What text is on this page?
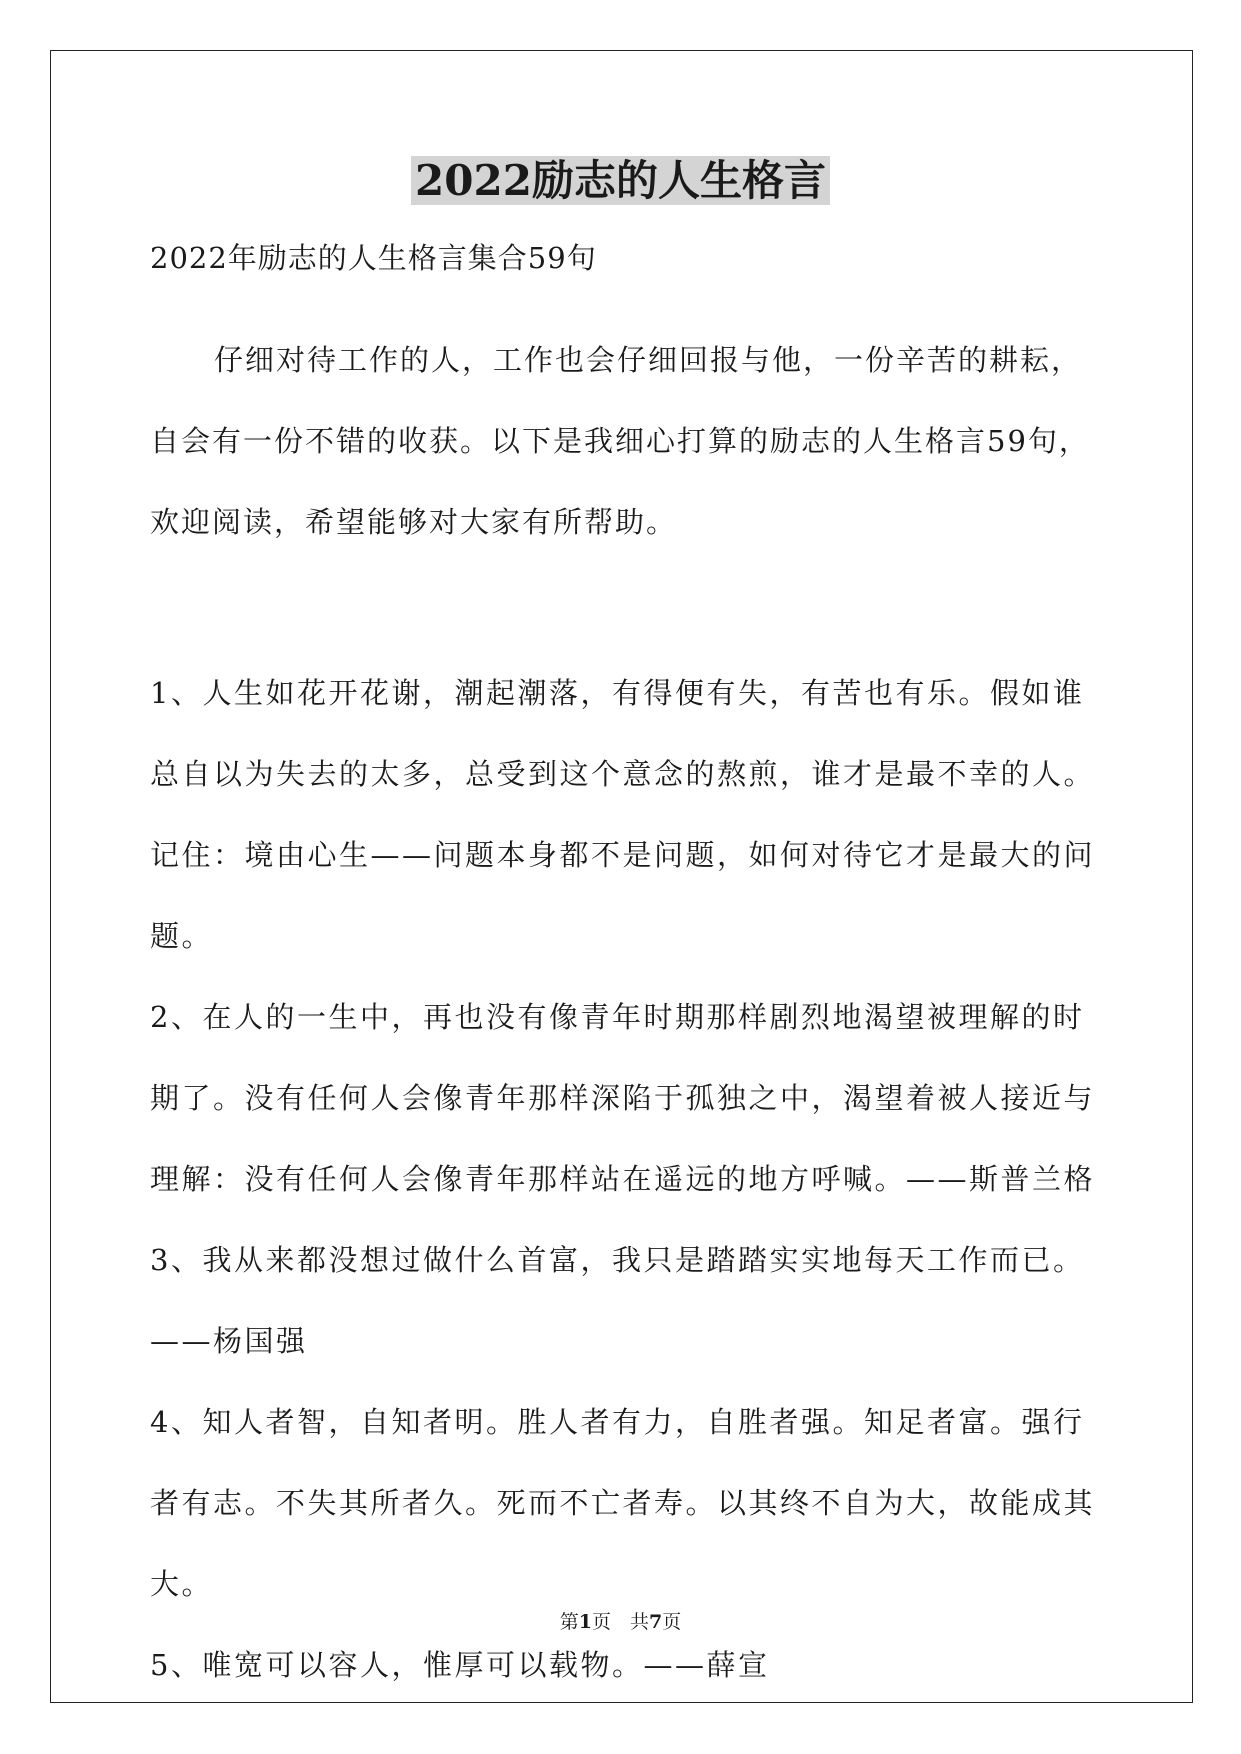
2022励志的人生格言

2022年励志的人生格言集合59句

仔细对待工作的人，工作也会仔细回报与他，一份辛苦的耕耘，自会有一份不错的收获。以下是我细心打算的励志的人生格言59句，欢迎阅读，希望能够对大家有所帮助。

1、人生如花开花谢，潮起潮落，有得便有失，有苦也有乐。假如谁总自以为失去的太多，总受到这个意念的熬煎，谁才是最不幸的人。记住：境由心生——问题本身都不是问题，如何对待它才是最大的问题。
2、在人的一生中，再也没有像青年时期那样剧烈地渴望被理解的时期了。没有任何人会像青年那样深陷于孤独之中，渴望着被人接近与理解：没有任何人会像青年那样站在遥远的地方呼喊。——斯普兰格
3、我从来都没想过做什么首富，我只是踏踏实实地每天工作而已。——杨国强
4、知人者智，自知者明。胜人者有力，自胜者强。知足者富。强行者有志。不失其所者久。死而不亡者寿。以其终不自为大，故能成其大。
5、唯宽可以容人，惟厚可以载物。——薛宣
第1页　共7页
